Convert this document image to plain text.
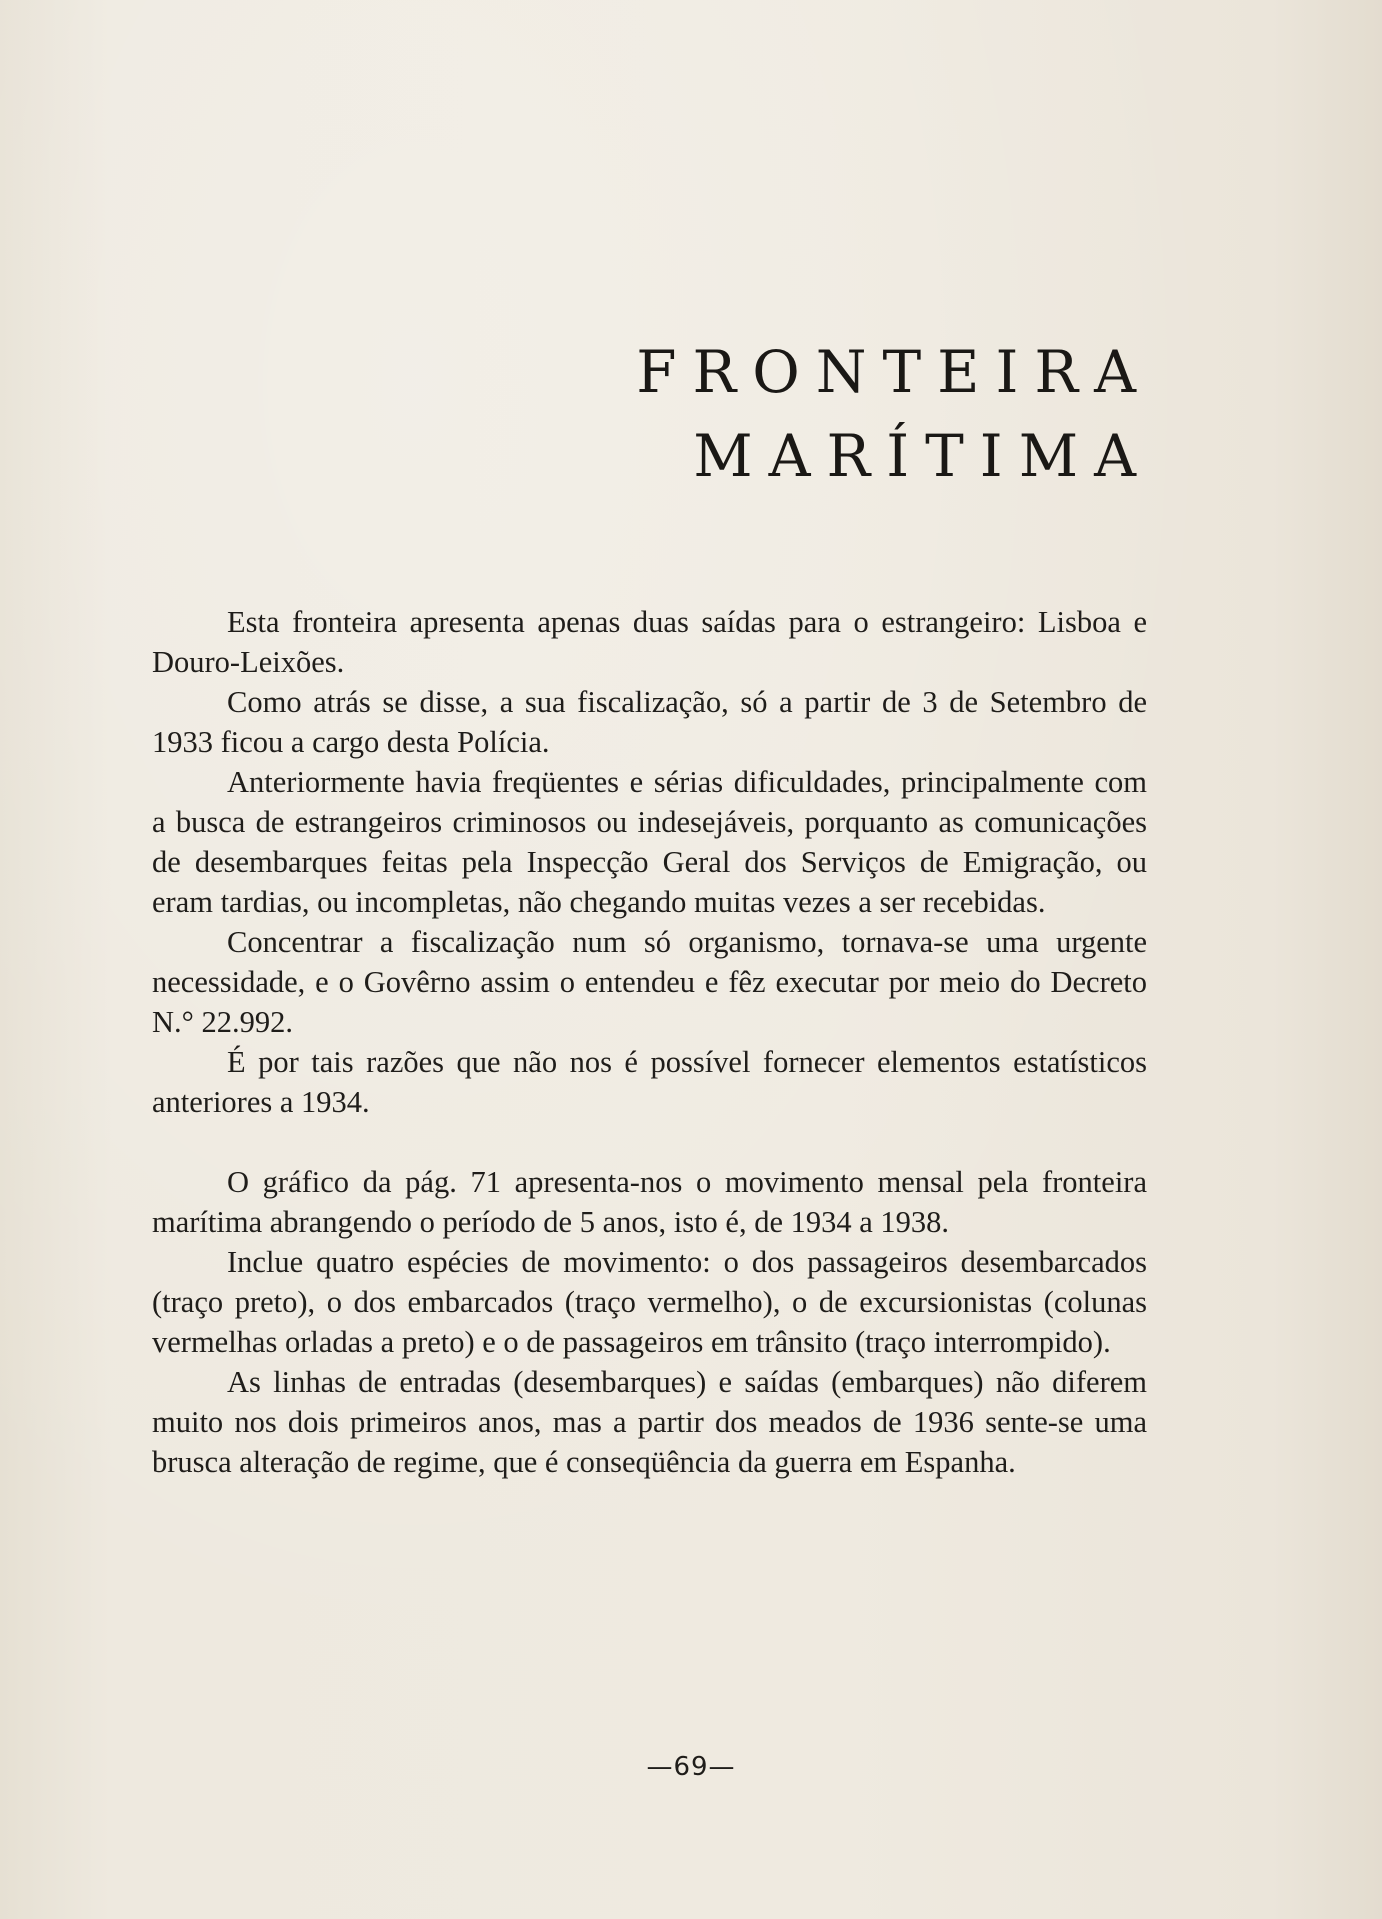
FRONTEIRA
MARÍTIMA

Esta fronteira apresenta apenas duas saídas para o estrangeiro: Lisboa e Douro-Leixões.

Como atrás se disse, a sua fiscalização, só a partir de 3 de Setembro de 1933 ficou a cargo desta Polícia.

Anteriormente havia freqüentes e sérias dificuldades, principalmente com a busca de estrangeiros criminosos ou indesejáveis, porquanto as comunicações de desembarques feitas pela Inspecção Geral dos Serviços de Emigração, ou eram tardias, ou incompletas, não chegando muitas vezes a ser recebidas.

Concentrar a fiscalização num só organismo, tornava-se uma urgente necessidade, e o Govêrno assim o entendeu e fêz executar por meio do Decreto N.° 22.992.

É por tais razões que não nos é possível fornecer elementos estatísticos anteriores a 1934.

O gráfico da pág. 71 apresenta-nos o movimento mensal pela fronteira marítima abrangendo o período de 5 anos, isto é, de 1934 a 1938.

Inclue quatro espécies de movimento: o dos passageiros desembarcados (traço preto), o dos embarcados (traço vermelho), o de excursionistas (colunas vermelhas orladas a preto) e o de passageiros em trânsito (traço interrompido).

As linhas de entradas (desembarques) e saídas (embarques) não diferem muito nos dois primeiros anos, mas a partir dos meados de 1936 sente-se uma brusca alteração de regime, que é conseqüência da guerra em Espanha.

—69—
